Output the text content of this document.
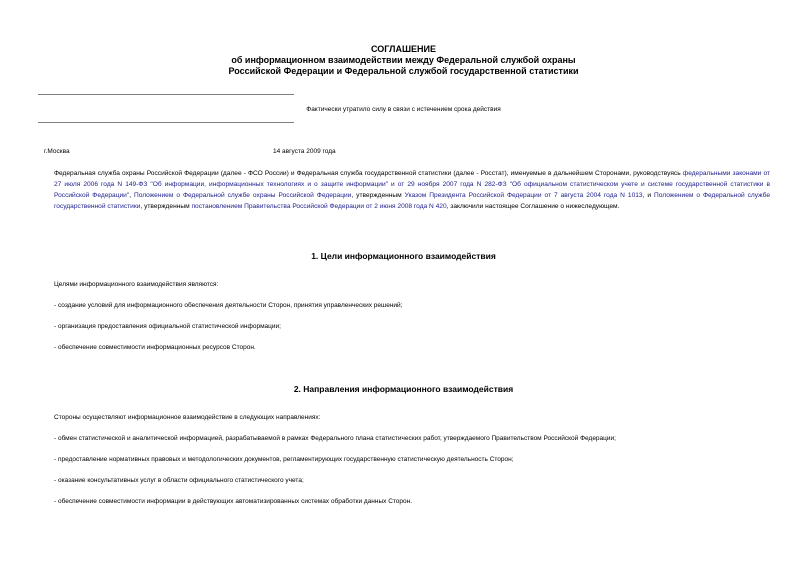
СОГЛАШЕНИЕ
об информационном взаимодействии между Федеральной службой охраны
Российской Федерации и Федеральной службой государственной статистики
Фактически утратило силу в связи с истечением срока действия
г.Москва	14 августа 2009 года
Федеральная служба охраны Российской Федерации (далее - ФСО России) и Федеральная служба государственной статистики (далее - Росстат), именуемые в дальнейшем Сторонами, руководствуясь федеральными законами от 27 июля 2006 года N 149-ФЗ "Об информации, информационных технологиях и о защите информации" и от 29 ноября 2007 года N 282-ФЗ "Об официальном статистическом учете и системе государственной статистики в Российской Федерации", Положением о Федеральной службе охраны Российской Федерации, утвержденным Указом Президента Российской Федерации от 7 августа 2004 года N 1013, и Положением о Федеральной службе государственной статистики, утвержденным постановлением Правительства Российской Федерации от 2 июня 2008 года N 420, заключили настоящее Соглашение о нижеследующем.
1. Цели информационного взаимодействия
Целями информационного взаимодействия являются:
- создание условий для информационного обеспечения деятельности Сторон, принятия управленческих решений;
- организация предоставления официальной статистической информации;
- обеспечение совместимости информационных ресурсов Сторон.
2. Направления информационного взаимодействия
Стороны осуществляют информационное взаимодействие в следующих направлениях:
- обмен статистической и аналитической информацией, разрабатываемой в рамках Федерального плана статистических работ, утверждаемого Правительством Российской Федерации;
- предоставление нормативных правовых и методологических документов, регламентирующих государственную статистическую деятельность Сторон;
- оказание консультативных услуг в области официального статистического учета;
- обеспечение совместимости информации в действующих автоматизированных системах обработки данных Сторон.
